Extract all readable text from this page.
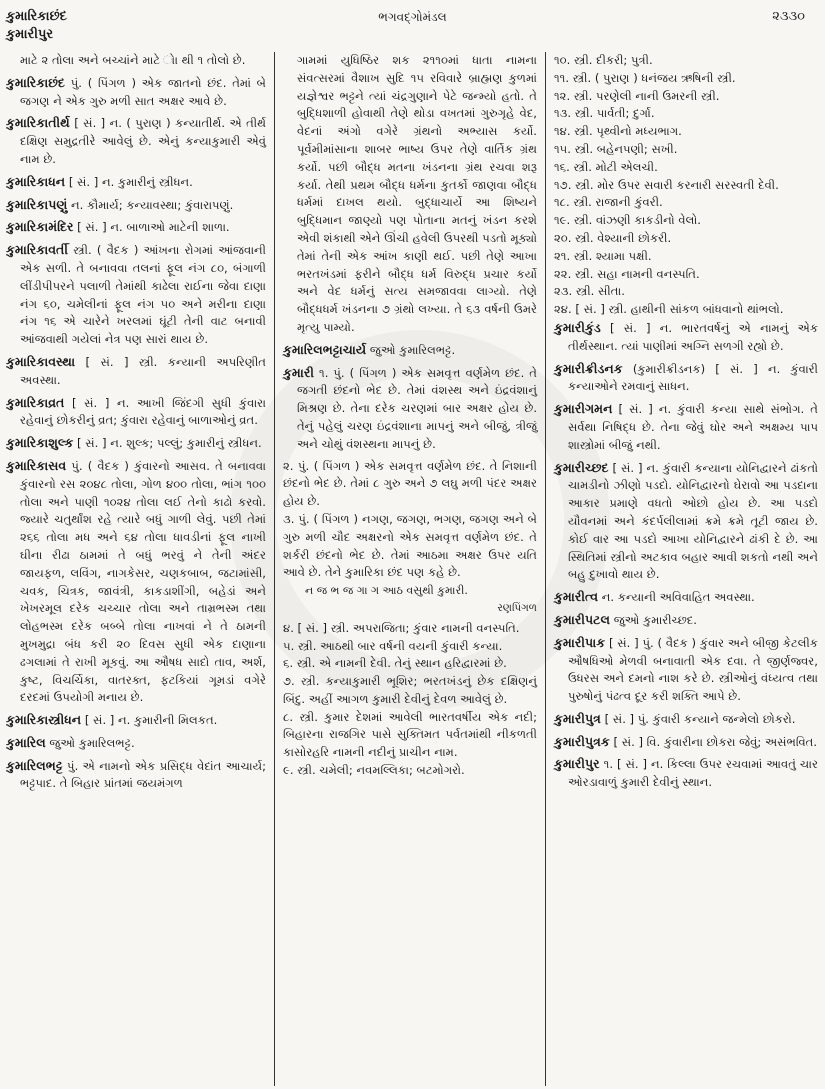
કુમારિકાછંદ
કુમારીપુર
ભગવદ્ગોમંડલ	૨૩૩૦

માટે ૨ તોલા અને બચ્ચાંને માટે ોા થી ૧ તોલો છે.

કુમારિકાછંદ પું. ( પિંગળ ) એક જાતનો છંદ. તેમાં બે જગણ ને એક ગુરુ મળી સાત અક્ષર આવે છે.

કુમારિકાતીર્થ [ સં. ] ન. ( પુરાણ ) કન્યાતીર્થ. એ તીર્થ દક્ષિણ સમુદ્રતીરે આવેલું છે. એનું કન્યાકુમારી એવું નામ છે.

કુમારિકાધન [ સં. ] ન. કુમારીનું સ્ત્રીધન.

કુમારિકાપણું ન. કૌમાર્ય; કન્યાવસ્થા; કુંવારાપણું.

કુમારિકામંદિર [ સં. ] ન. બાળાઓ માટેની શાળા.

કુમારિકાવર્તી સ્ત્રી. ( વૈદક ) આંખના રોગમાં આંજવાની એક સળી. તે બનાવવા તલનાં ફૂલ નંગ ૮૦, બંગાળી લીંડીપીપરને પલાળી તેમાંથી કાઢેલા રાઈના જેવા દાણા નંગ ૬૦, ચમેલીનાં ફૂલ નંગ ૫૦ અને મરીના દાણા નંગ ૧૬ એ ચારેને ખરલમાં ઘૂંટી તેની વાટ બનાવી આંજવાથી ગયેલાં નેત્ર પણ સારાં થાય છે.

કુમારિકાવસ્થા [ સં. ] સ્ત્રી. કન્યાની અપરિણીત અવસ્થા.

કુમારિકાવ્રત [ સં. ] ન. આખી જિંદગી સુધી કુંવારા રહેવાનું છોકરીનું વ્રત; કુંવારા રહેવાનું બાળાઓનું વ્રત.

કુમારિકાશુલ્ક [ સં. ] ન. શુલ્ક; પલ્લું; કુમારીનું સ્ત્રીધન.

કુમારિકાસવ પું. ( વૈદક ) કુંવારનો આસવ. તે બનાવવા કુંવારનો રસ ૨૦૪૮ તોલા, ગોળ ૪૦૦ તોલા, ભાંગ ૧૦૦ તોલા અને પાણી ૧૦૨૪ તોલા લઈ તેનો કાઢો કરવો. જ્યારે ચતુર્થાંશ રહે ત્યારે બધું ગાળી લેવું. પછી તેમાં ૨૬૬ તોલા મધ અને ૬૪ તોલા ધાવડીનાં ફૂલ નાખી ઘીના રીઢા ઠામમાં તે બધું ભરવું ને તેની અંદર જાયફળ, લવિંગ, નાગકેસર, ચણકબાબ, જટામાંસી, ચવક, ચિત્રક, જાવંત્રી, કાકડાશીંગી, બહેડાં અને ખેખરમૂલ દરેક ચચ્ચાર તોલા અને તામ્રભસ્મ તથા લોહભસ્મ દરેક બબ્બે તોલા નાખવાં ને તે ઠામની મુખમુદ્રા બંધ કરી ૨૦ દિવસ સુધી એક દાણાના ઢગલામાં તે રાખી મૂકવું. આ ઔષધ સાદો તાવ, અર્શ, કુષ્ટ, વિચર્ચિકા, વાતરક્ત, ફટકિયાં ગૂમડાં વગેરે દરદમાં ઉપયોગી મનાય છે.

કુમારિકાસ્ત્રીધન [ સં. ] ન. કુમારીની મિલકત.

કુમારિલ જુઓ કુમારિલભટ્ટ.

કુમારિલભટ્ટ પું. એ નામનો એક પ્રસિદ્ધ વેદાંત આચાર્ય; ભટ્ટપાદ. તે બિહાર પ્રાંતમાં જયમંગળ

ગામમાં યુધિષ્ઠિર શક ૨૧૧૦માં ધાતા નામના સંવત્સરમાં વૈશાખ સુદિ ૧૫ રવિવારે બ્રાહ્મણ કુળમાં યજ્ઞેશ્વર ભટ્ટને ત્યાં ચંદ્રગુણાને પેટે જન્મ્યો હતો. તે બુદ્ધિશાળી હોવાથી તેણે થોડા વખતમાં ગુરુગૃહે વેદ, વેદનાં અંગો વગેરે ગ્રંથનો અભ્યાસ કર્યો. પૂર્વમીમાંસાના શાબર ભાષ્ય ઉપર તેણે વાર્તિક ગ્રંથ કર્યો. પછી બૌદ્ધ મતના ખંડનના ગ્રંથ રચવા શરૂ કર્યા. તેથી પ્રથમ બૌદ્ધ ધર્મના કુતર્કો જાણવા બૌદ્ધ ધર્મમાં દાખલ થયો. બુદ્ધાચાર્યે આ શિષ્યને બુદ્ધિમાન જાણ્યો પણ પોતાના મતનું ખંડન કરશે એવી શંકાથી એને ઊંચી હવેલી ઉપરથી પડતો મૂક્યો તેમાં તેની એક આંખ કાણી થઈ. પછી તેણે આખા ભરતખંડમાં ફરીને બૌદ્ધ ધર્મ વિરુદ્ધ પ્રચાર કર્યો અને વેદ ધર્મનું સત્ય સમજાવવા લાગ્યો. તેણે બૌદ્ધધર્મ ખંડનના ૭ ગ્રંથો લખ્યા. તે ૬૩ વર્ષની ઉમરે મૃત્યુ પામ્યો.

કુમારિલભટ્ટાચાર્ય જુઓ કુમારિલભટ્ટ.

કુમારી ૧. પું. ( પિંગળ ) એક સમવૃત્ત વર્ણમેળ છંદ. તે જગતી છંદનો ભેદ છે. તેમાં વંશસ્થ અને ઇંદ્રવંશાનું મિશ્રણ છે. તેના દરેક ચરણમાં બાર અક્ષર હોય છે. તેનું પહેલું ચરણ ઇંદ્રવંશાના માપનું અને બીજું, ત્રીજું અને ચોથું વંશસ્થના માપનું છે.

૨. પું. ( પિંગળ ) એક સમવૃત્ત વર્ણમેળ છંદ. તે નિશાની છંદનો ભેદ છે. તેમાં ૮ ગુરુ અને ૭ લઘુ મળી પંદર અક્ષર હોય છે.

૩. પું. ( પિંગળ ) નગણ, જગણ, ભગણ, જગણ અને બે ગુરુ મળી ચૌદ અક્ષરનો એક સમવૃત્ત વર્ણમેળ છંદ. તે શર્કરી છંદનો ભેદ છે. તેમાં આઠમા અક્ષર ઉપર યતિ આવે છે. તેને કુમારિકા છંદ પણ કહે છે.

ન જ ભ જ ગા ગ આઠ વસુથી કુમારી.

રણપિંગળ

૪. [ સં. ] સ્ત્રી. અપરાજિતા; કુંવાર નામની વનસ્પતિ.

૫. સ્ત્રી. આઠથી બાર વર્ષની વયની કુંવારી કન્યા.

૬. સ્ત્રી. એ નામની દેવી. તેનું સ્થાન હરિદ્વારમાં છે.

૭. સ્ત્રી. કન્યાકુમારી ભૂશિર; ભરતખંડનું છેક દક્ષિણનું બિંદુ. અહીં આગળ કુમારી દેવીનું દેવળ આવેલું છે.

૮. સ્ત્રી. કુમાર દેશમાં આવેલી ભારતવર્ષીય એક નદી; બિહારના રાજગિર પાસે સુક્તિમત પર્વતમાંથી નીકળતી કાસોરહરિ નામની નદીનું પ્રાચીન નામ.

૯. સ્ત્રી. ચમેલી; નવમલ્લિકા; બટમોગરો.

૧૦. સ્ત્રી. દીકરી; પુત્રી.

૧૧. સ્ત્રી. ( પુરાણ ) ધનંજય ઋષિની સ્ત્રી.

૧૨. સ્ત્રી. પરણેલી નાની ઉમરની સ્ત્રી.

૧૩. સ્ત્રી. પાર્વતી; દુર્ગા.

૧૪. સ્ત્રી. પૃથ્વીનો મધ્યભાગ.

૧૫. સ્ત્રી. બહેનપણી; સખી.

૧૬. સ્ત્રી. મોટી એલચી.

૧૭. સ્ત્રી. મોર ઉપર સવારી કરનારી સરસ્વતી દેવી.

૧૮. સ્ત્રી. રાજાની કુંવરી.

૧૯. સ્ત્રી. વાંઝણી કાકડીનો વેલો.

૨૦. સ્ત્રી. વેશ્યાની છોકરી.

૨૧. સ્ત્રી. શ્યામા પક્ષી.

૨૨. સ્ત્રી. સહા નામની વનસ્પતિ.

૨૩. સ્ત્રી. સીતા.

૨૪. [ સં. ] સ્ત્રી. હાથીની સાંકળ બાંધવાનો થાંભલો.

કુમારીકુંડ [ સં. ] ન. ભારતવર્ષનું એ નામનું એક તીર્થસ્થાન. ત્યાં પાણીમાં અગ્નિ સળગી રહ્યો છે.

કુમારીક્રીડનક (કુમારીક્રીડનક) [ સં. ] ન. કુંવારી કન્યાઓને રમવાનું સાધન.

કુમારીગમન [ સં. ] ન. કુંવારી કન્યા સાથે સંભોગ. તે સર્વથા નિષિદ્ધ છે. તેના જેવું ઘોર અને અક્ષમ્ય પાપ શાસ્ત્રોમાં બીજું નથી.

કુમારીચ્છદ [ સં. ] ન. કુંવારી કન્યાના યોનિદ્વારને ઢાંકતો ચામડીનો ઝીણો પડદો. યોનિદ્વારનો ઘેરાવો આ પડદાના આકાર પ્રમાણે વધતો ઓછો હોય છે. આ પડદો યૌવનમાં અને કંદર્પલીલામાં ક્રમે ક્રમે તૂટી જાય છે. કોઈ વાર આ પડદો આખા યોનિદ્વારને ઢાંકી દે છે. આ સ્થિતિમાં સ્ત્રીનો અટકાવ બહાર આવી શકતો નથી અને બહુ દુખાવો થાય છે.

કુમારીત્વ ન. કન્યાની અવિવાહિત અવસ્થા.

કુમારીપટલ જુઓ કુમારીચ્છદ.

કુમારીપાક [ સં. ] પું. ( વૈદક ) કુંવાર અને બીજી કેટલીક ઔષધિઓ મેળવી બનાવાતી એક દવા. તે જીર્ણજ્વર, ઉધરસ અને દમનો નાશ કરે છે. સ્ત્રીઓનું વંધ્યત્વ તથા પુરુષોનું પંઢત્વ દૂર કરી શક્તિ આપે છે.

કુમારીપુત્ર [ સં. ] પું. કુંવારી કન્યાને જન્મેલો છોકરો.

કુમારીપુત્રક [ સં. ] વિ. કુંવારીના છોકરા જેવું; અસંભવિત.

કુમારીપુર ૧. [ સં. ] ન. કિલ્લા ઉપર રચવામાં આવતું ચાર ઓરડાવાળું કુમારી દેવીનું સ્થાન.
